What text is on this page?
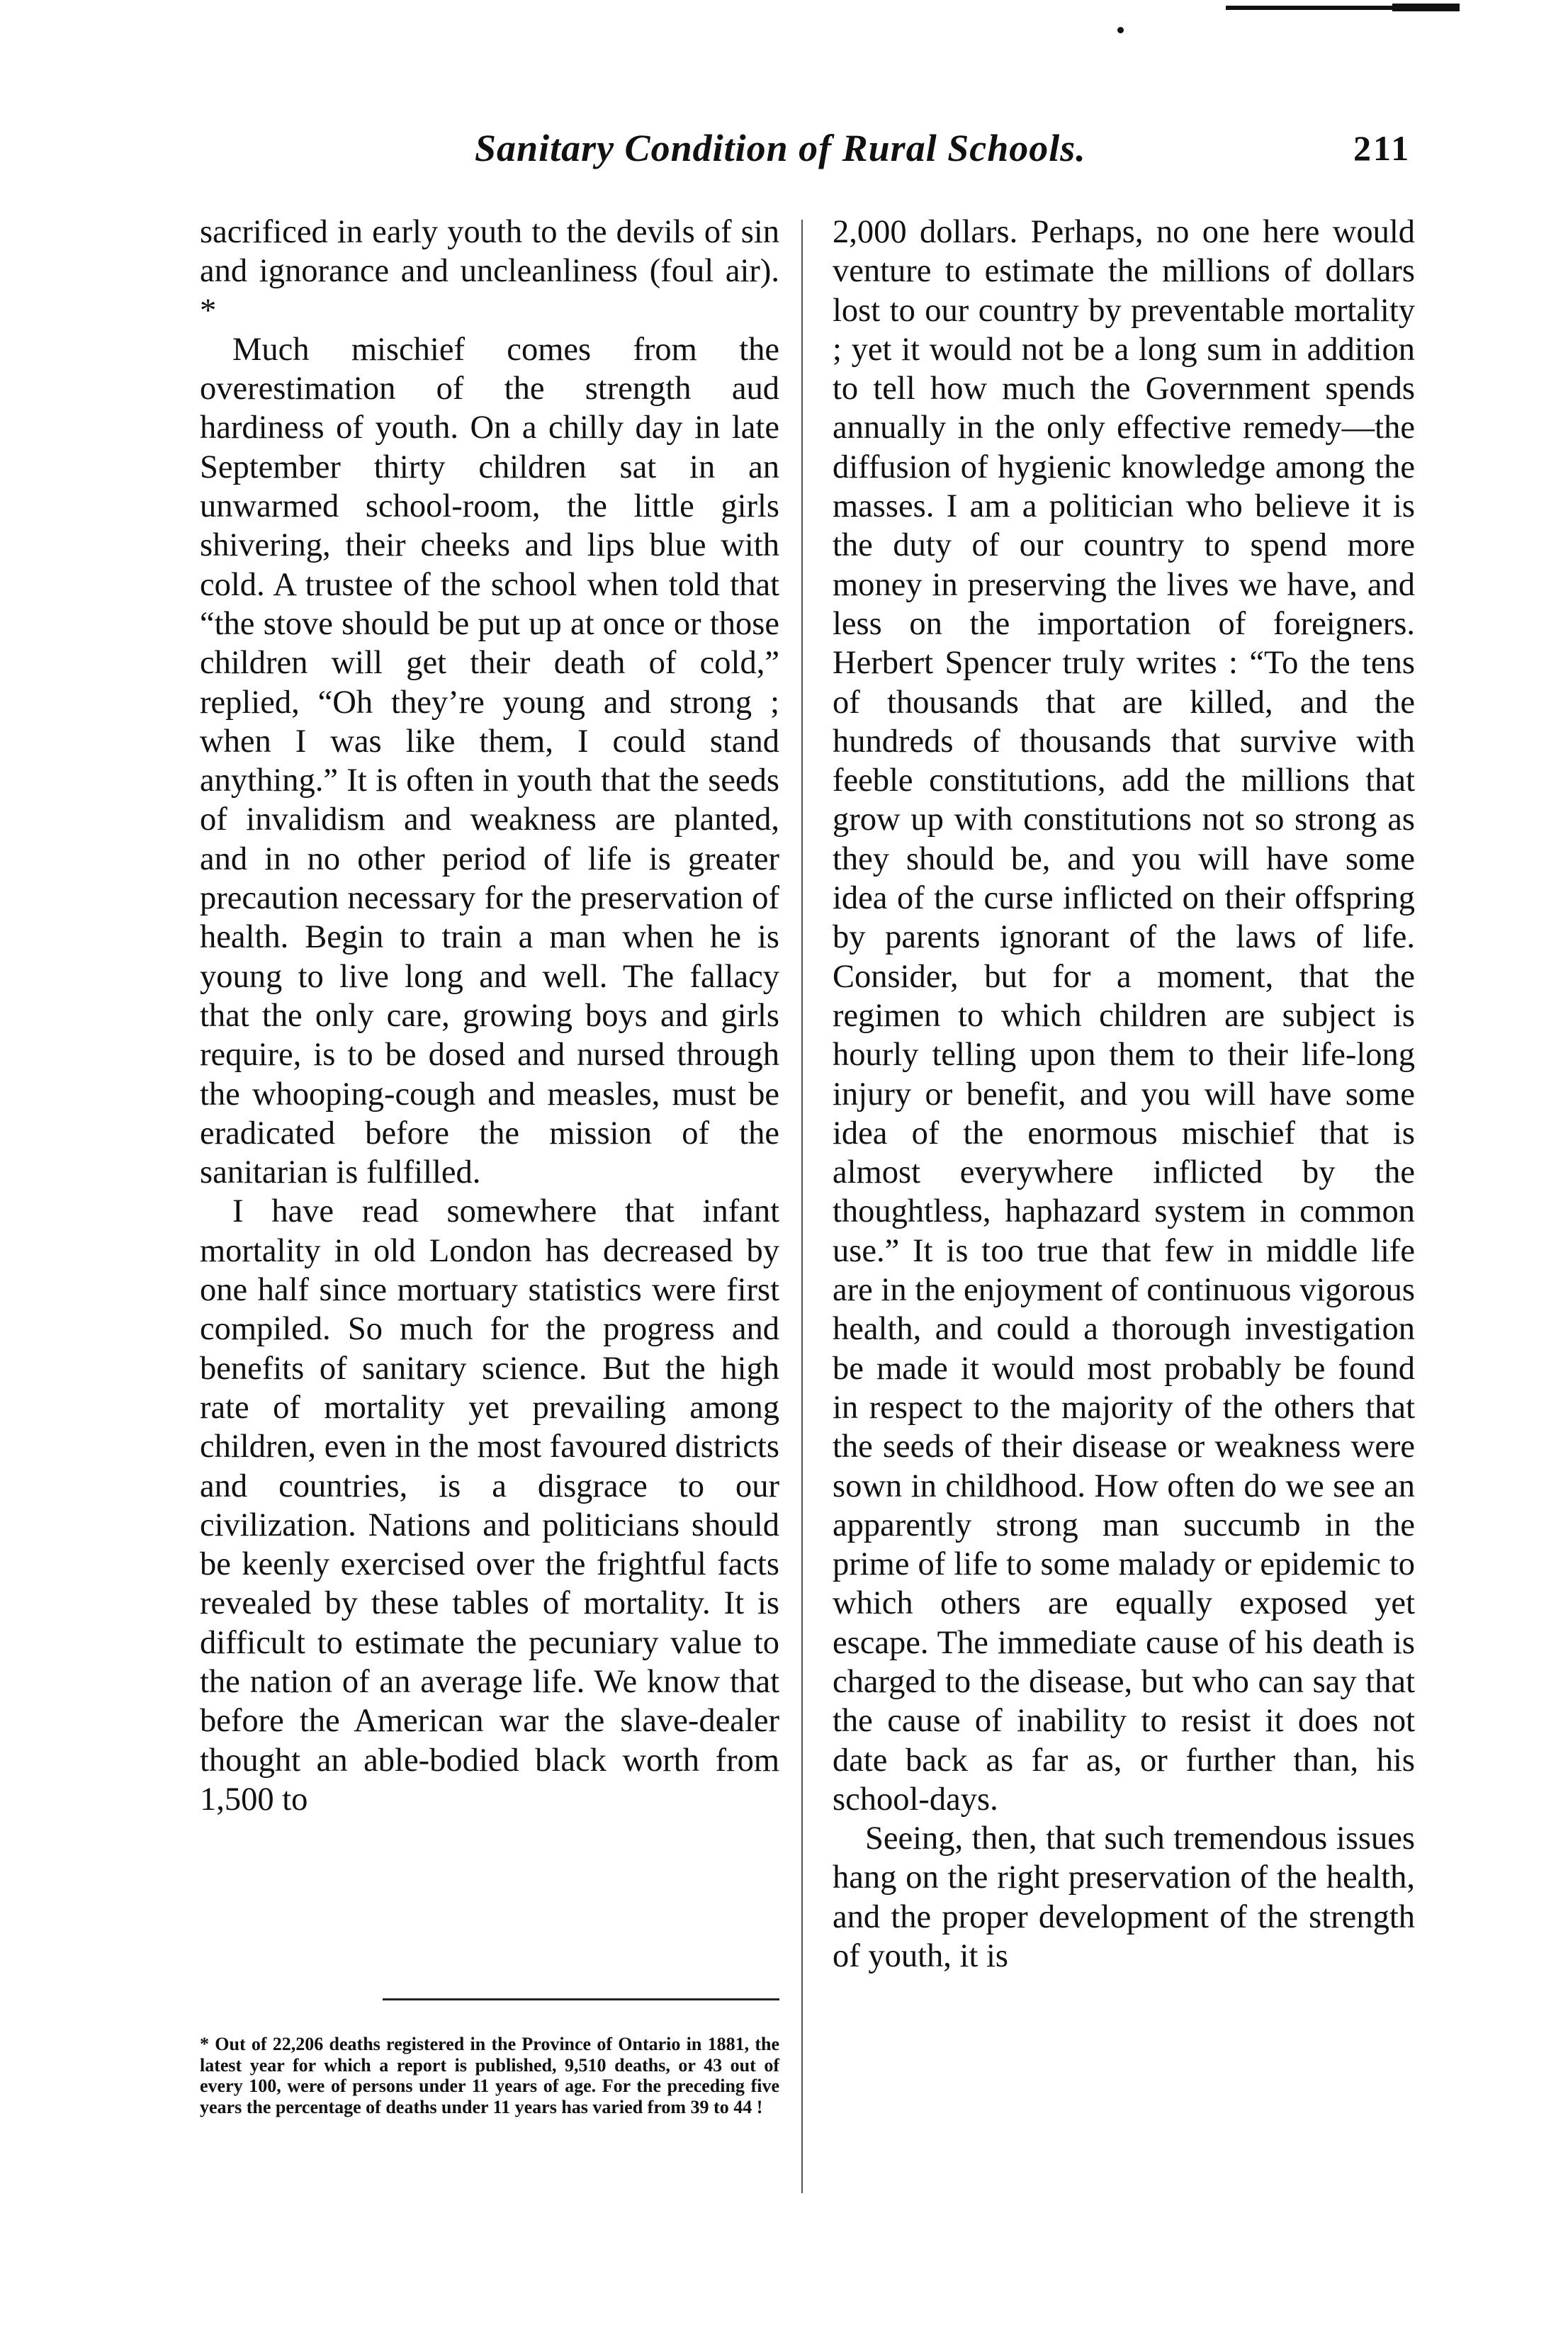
Sanitary Condition of Rural Schools.	211

sacrificed in early youth to the devils of sin and ignorance and uncleanliness (foul air). *

Much mischief comes from the overestimation of the strength aud hardiness of youth. On a chilly day in late September thirty children sat in an unwarmed school-room, the little girls shivering, their cheeks and lips blue with cold. A trustee of the school when told that “the stove should be put up at once or those children will get their death of cold,” replied, “Oh they’re young and strong ; when I was like them, I could stand anything.” It is often in youth that the seeds of invalidism and weakness are planted, and in no other period of life is greater precaution necessary for the preservation of health. Begin to train a man when he is young to live long and well. The fallacy that the only care, growing boys and girls require, is to be dosed and nursed through the whooping-cough and measles, must be eradicated before the mission of the sanitarian is fulfilled.

I have read somewhere that infant mortality in old London has decreased by one half since mortuary statistics were first compiled. So much for the progress and benefits of sanitary science. But the high rate of mortality yet prevailing among children, even in the most favoured districts and countries, is a disgrace to our civilization. Nations and politicians should be keenly exercised over the frightful facts revealed by these tables of mortality. It is difficult to estimate the pecuniary value to the nation of an average life. We know that before the American war the slave-dealer thought an able-bodied black worth from 1,500 to

2,000 dollars. Perhaps, no one here would venture to estimate the millions of dollars lost to our country by preventable mortality ; yet it would not be a long sum in addition to tell how much the Government spends annually in the only effective remedy—the diffusion of hygienic knowledge among the masses. I am a politician who believe it is the duty of our country to spend more money in preserving the lives we have, and less on the importation of foreigners. Herbert Spencer truly writes : “To the tens of thousands that are killed, and the hundreds of thousands that survive with feeble constitutions, add the millions that grow up with constitutions not so strong as they should be, and you will have some idea of the curse inflicted on their offspring by parents ignorant of the laws of life. Consider, but for a moment, that the regimen to which children are subject is hourly telling upon them to their life-long injury or benefit, and you will have some idea of the enormous mischief that is almost everywhere inflicted by the thoughtless, haphazard system in common use.” It is too true that few in middle life are in the enjoyment of continuous vigorous health, and could a thorough investigation be made it would most probably be found in respect to the majority of the others that the seeds of their disease or weakness were sown in childhood. How often do we see an apparently strong man succumb in the prime of life to some malady or epidemic to which others are equally exposed yet escape. The immediate cause of his death is charged to the disease, but who can say that the cause of inability to resist it does not date back as far as, or further than, his school-days.

Seeing, then, that such tremendous issues hang on the right preservation of the health, and the proper development of the strength of youth, it is

* Out of 22,206 deaths registered in the Province of Ontario in 1881, the latest year for which a report is published, 9,510 deaths, or 43 out of every 100, were of persons under 11 years of age. For the preceding five years the percentage of deaths under 11 years has varied from 39 to 44 !
